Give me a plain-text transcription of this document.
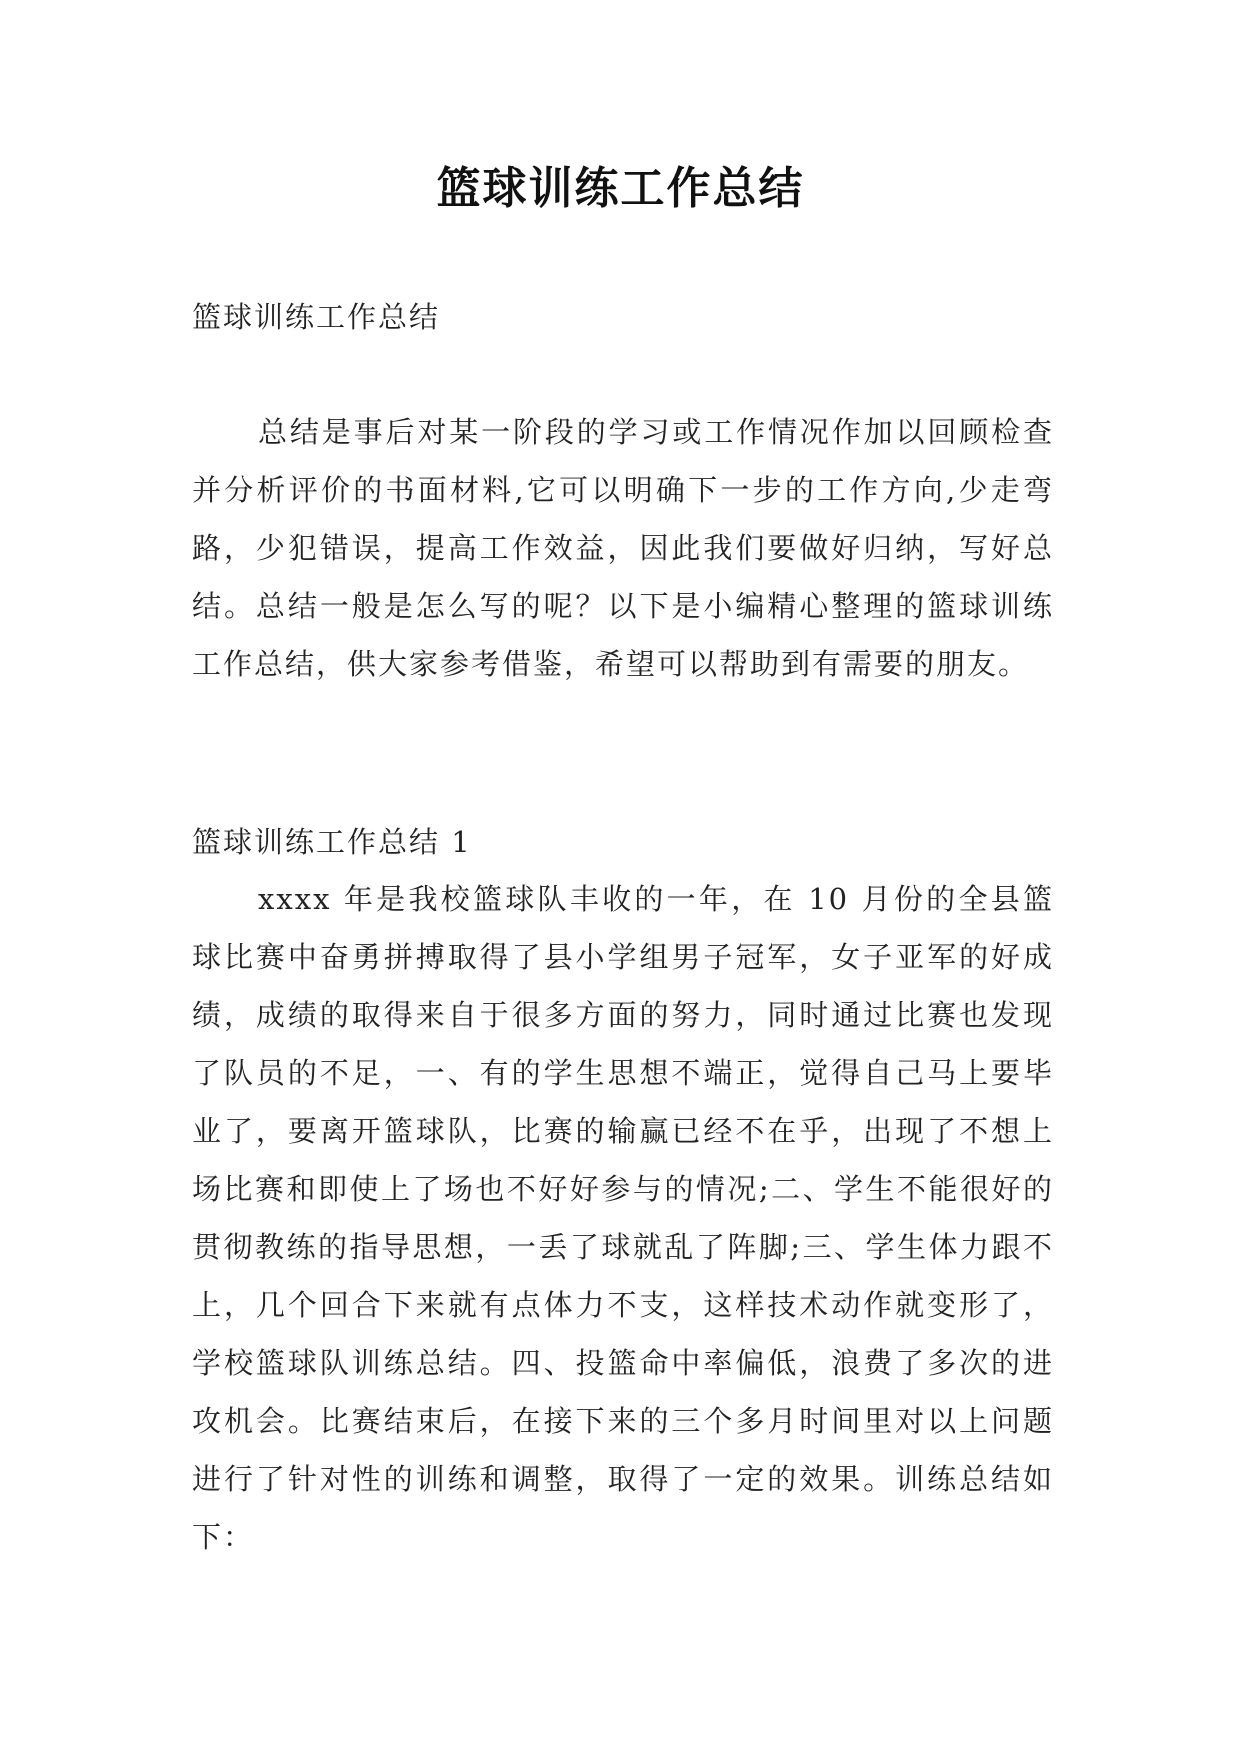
篮球训练工作总结
篮球训练工作总结
总结是事后对某一阶段的学习或工作情况作加以回顾检查并分析评价的书面材料,它可以明确下一步的工作方向,少走弯路，少犯错误，提高工作效益，因此我们要做好归纳，写好总结。总结一般是怎么写的呢？以下是小编精心整理的篮球训练工作总结，供大家参考借鉴，希望可以帮助到有需要的朋友。
篮球训练工作总结 1
xxxx 年是我校篮球队丰收的一年，在 10 月份的全县篮球比赛中奋勇拼搏取得了县小学组男子冠军，女子亚军的好成绩，成绩的取得来自于很多方面的努力，同时通过比赛也发现了队员的不足，一、有的学生思想不端正，觉得自己马上要毕业了，要离开篮球队，比赛的输赢已经不在乎，出现了不想上场比赛和即使上了场也不好好参与的情况;二、学生不能很好的贯彻教练的指导思想，一丢了球就乱了阵脚;三、学生体力跟不上，几个回合下来就有点体力不支，这样技术动作就变形了，学校篮球队训练总结。四、投篮命中率偏低，浪费了多次的进攻机会。比赛结束后，在接下来的三个多月时间里对以上问题进行了针对性的训练和调整，取得了一定的效果。训练总结如下：
